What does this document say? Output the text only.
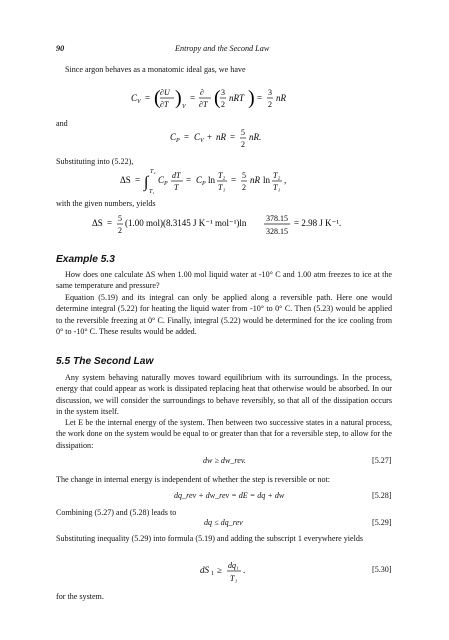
90	Entropy and the Second Law
Since argon behaves as a monatomic ideal gas, we have
C V = ( ∂U
∂T ) V
=
∂
∂T ( 3
2
nRT ) =
3
2
nR
and
C P = C V + nR = 5
2
nR.
Substituting into (5.22),
ΔS = ∫
T₂
T₁
C P
dT
T
= C P ln T₂
T₁
= 5
2
nR ln T₂
T₁
,
with the given numbers, yields
ΔS = 5
2
(1.00 mol)(8.3145 J K⁻¹ mol⁻¹)ln 378.15
328.15
= 2.98 J K⁻¹.
Example 5.3
How does one calculate ΔS when 1.00 mol liquid water at -10° C and 1.00 atm freezes to ice at the same temperature and pressure?
Equation (5.19) and its integral can only be applied along a reversible path. Here one would determine integral (5.22) for heating the liquid water from -10° to 0° C. Then (5.23) would be applied to the reversible freezing at 0° C. Finally, integral (5.22) would be determined for the ice cooling from 0° to -10° C. These results would be added.
5.5 The Second Law
Any system behaving naturally moves toward equilibrium with its surroundings. In the process, energy that could appear as work is dissipated replacing heat that otherwise would be absorbed. In our discussion, we will consider the surroundings to behave reversibly, so that all of the dissipation occurs in the system itself.
Let E be the internal energy of the system. Then between two successive states in a natural process, the work done on the system would be equal to or greater than that for a reversible step, to allow for the dissipation:
dw ≥ dw_rev.	[5.27]
The change in internal energy is independent of whether the step is reversible or not:
dq_rev + dw_rev = dE = dq + dw	[5.28]
Combining (5.27) and (5.28) leads to
dq ≤ dq_rev	[5.29]
Substituting inequality (5.29) into formula (5.19) and adding the subscript 1 everywhere yields
dS 1 ≥ dq₁
T₁
.	[5.30]
for the system.
